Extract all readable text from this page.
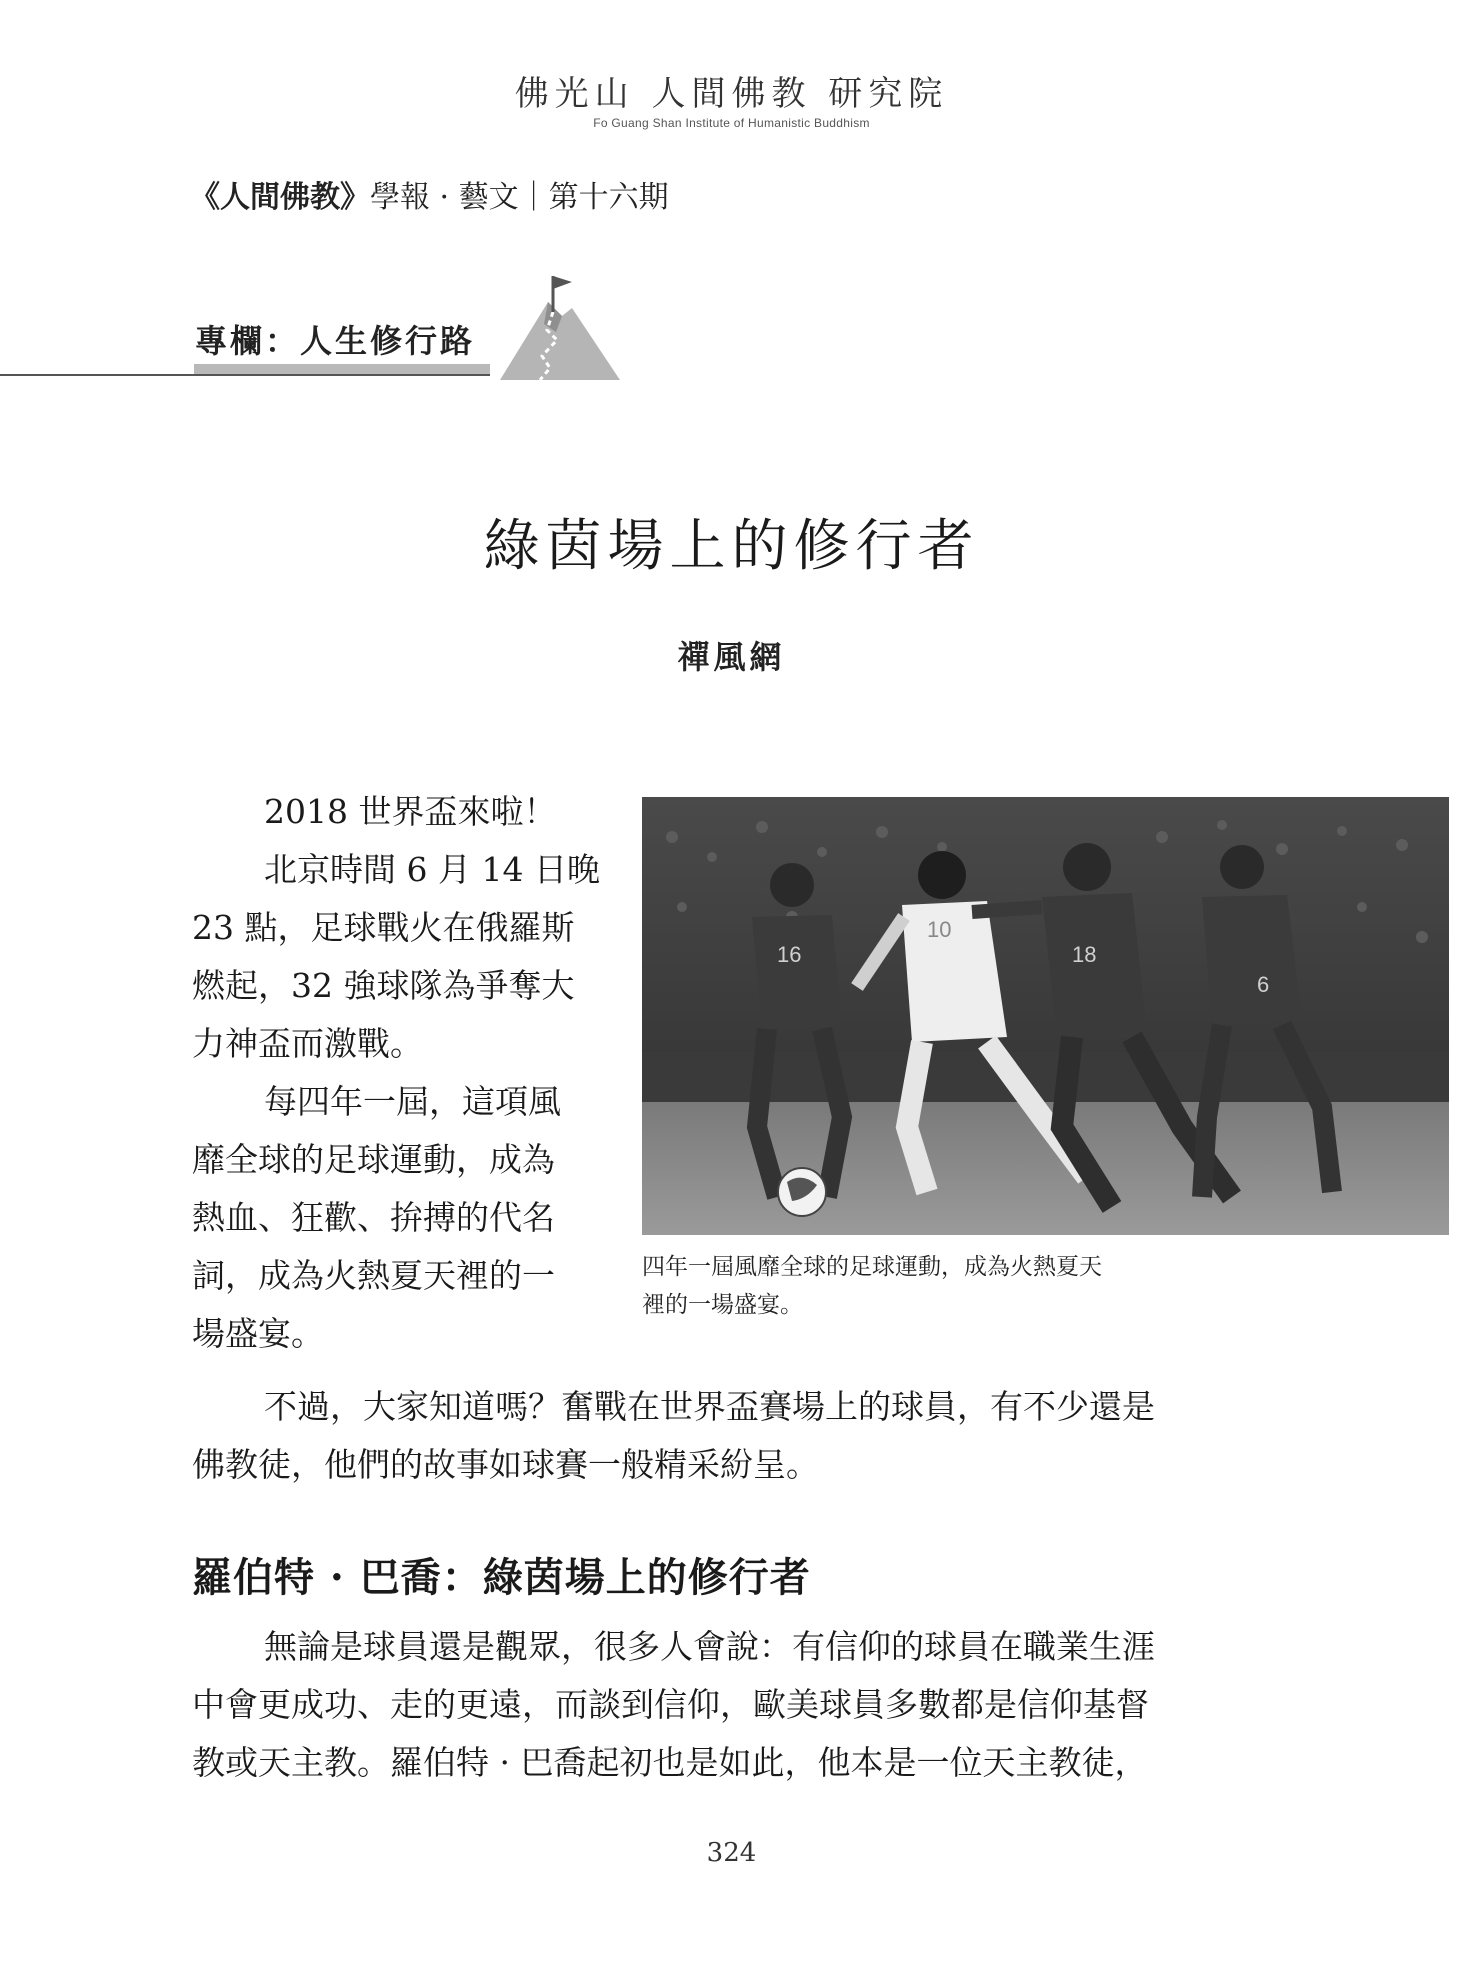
佛光山 人間佛教 研究院
Fo Guang Shan Institute of Humanistic Buddhism
《人間佛教》學報 · 藝文｜第十六期
專欄：人生修行路
綠茵場上的修行者
禪風網
2018 世界盃來啦！
北京時間 6 月 14 日晚
23 點，足球戰火在俄羅斯
燃起，32 強球隊為爭奪大
力神盃而激戰。
每四年一屆，這項風
靡全球的足球運動，成為
熱血、狂歡、拚搏的代名
詞，成為火熱夏天裡的一
場盛宴。
16
10
18
6
四年一屆風靡全球的足球運動，成為火熱夏天
裡的一場盛宴。
不過，大家知道嗎？奮戰在世界盃賽場上的球員，有不少還是
佛教徒，他們的故事如球賽一般精采紛呈。
羅伯特 · 巴喬：綠茵場上的修行者
無論是球員還是觀眾，很多人會說：有信仰的球員在職業生涯
中會更成功、走的更遠，而談到信仰，歐美球員多數都是信仰基督
教或天主教。羅伯特 · 巴喬起初也是如此，他本是一位天主教徒，
324
